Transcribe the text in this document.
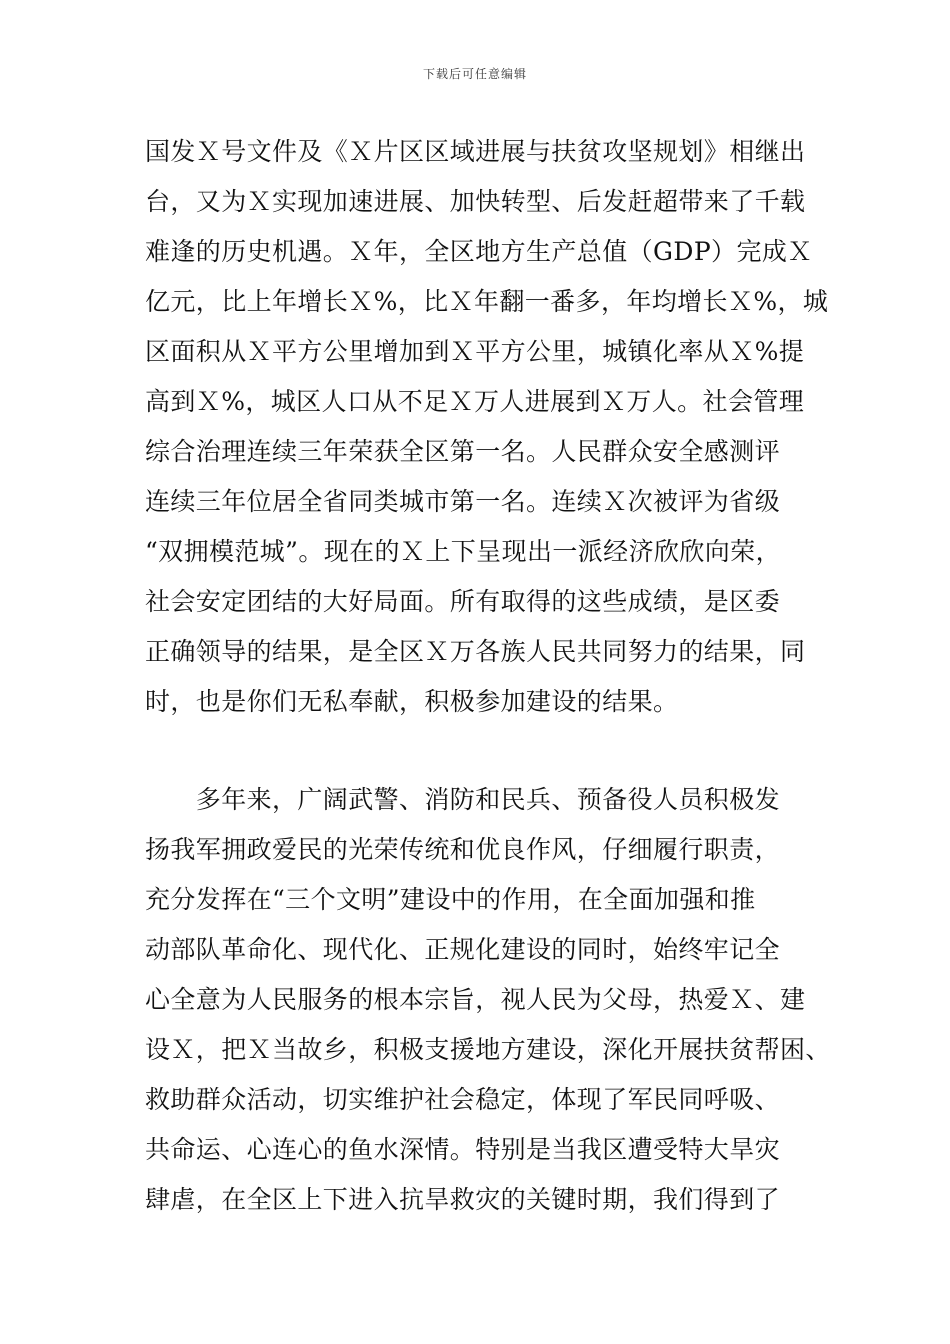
下载后可任意编辑
国发Ｘ号文件及《Ｘ片区区域进展与扶贫攻坚规划》相继出
台，又为Ｘ实现加速进展、加快转型、后发赶超带来了千载
难逢的历史机遇。Ｘ年，全区地方生产总值（GDP）完成Ｘ
亿元，比上年增长Ｘ%，比Ｘ年翻一番多，年均增长Ｘ%，城
区面积从Ｘ平方公里增加到Ｘ平方公里，城镇化率从Ｘ%提
高到Ｘ%，城区人口从不足Ｘ万人进展到Ｘ万人。社会管理
综合治理连续三年荣获全区第一名。人民群众安全感测评
连续三年位居全省同类城市第一名。连续Ｘ次被评为省级
“双拥模范城”。现在的Ｘ上下呈现出一派经济欣欣向荣，
社会安定团结的大好局面。所有取得的这些成绩，是区委
正确领导的结果，是全区Ｘ万各族人民共同努力的结果，同
时，也是你们无私奉献，积极参加建设的结果。
　　多年来，广阔武警、消防和民兵、预备役人员积极发
扬我军拥政爱民的光荣传统和优良作风，仔细履行职责，
充分发挥在“三个文明”建设中的作用，在全面加强和推
动部队革命化、现代化、正规化建设的同时，始终牢记全
心全意为人民服务的根本宗旨，视人民为父母，热爱Ｘ、建
设Ｘ，把Ｘ当故乡，积极支援地方建设，深化开展扶贫帮困、
救助群众活动，切实维护社会稳定，体现了军民同呼吸、
共命运、心连心的鱼水深情。特别是当我区遭受特大旱灾
肆虐，在全区上下进入抗旱救灾的关键时期，我们得到了
